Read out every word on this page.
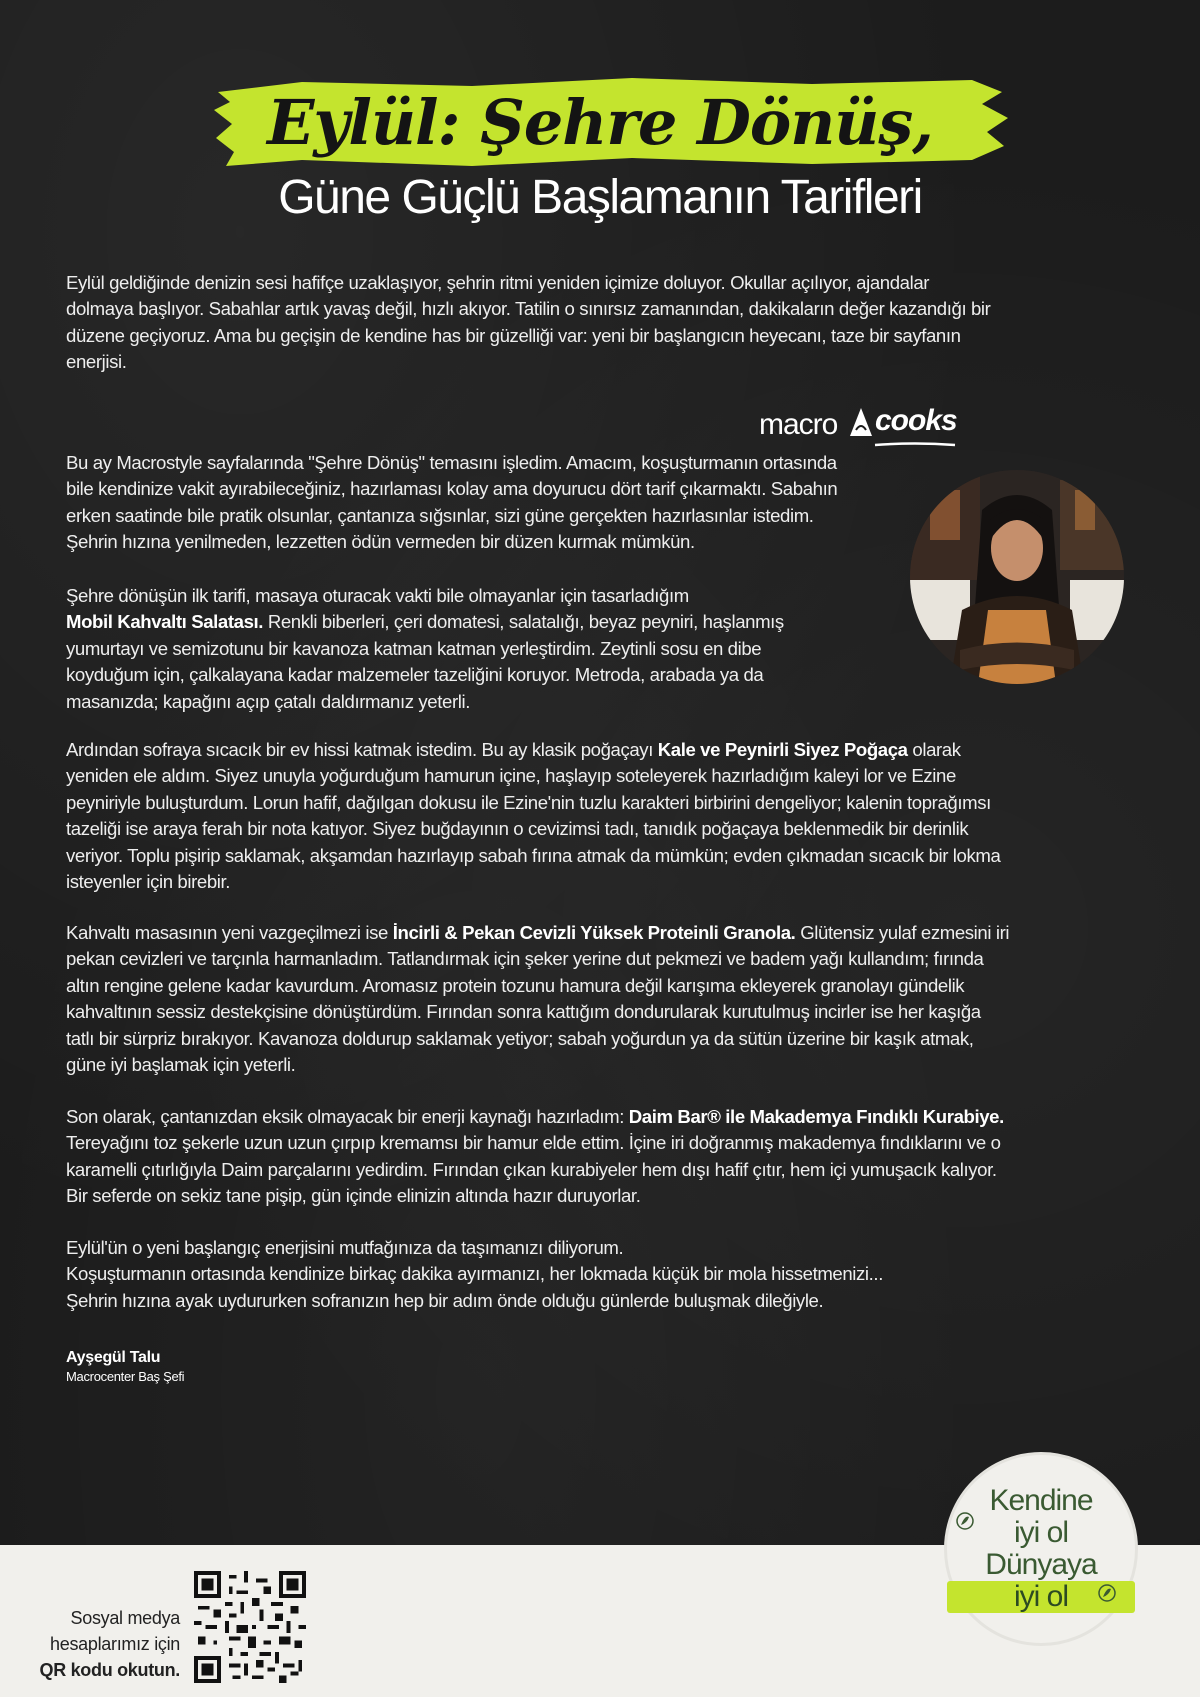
Eylül: Şehre Dönüş,
Güne Güçlü Başlamanın Tarifleri

Eylül geldiğinde denizin sesi hafifçe uzaklaşıyor, şehrin ritmi yeniden içimize doluyor. Okullar açılıyor, ajandalar
dolmaya başlıyor. Sabahlar artık yavaş değil, hızlı akıyor. Tatilin o sınırsız zamanından, dakikaların değer kazandığı bir
düzene geçiyoruz. Ama bu geçişin de kendine has bir güzelliği var: yeni bir başlangıcın heyecanı, taze bir sayfanın
enerjisi.

macro cooks

Bu ay Macrostyle sayfalarında "Şehre Dönüş" temasını işledim. Amacım, koşuşturmanın ortasında
bile kendinize vakit ayırabileceğiniz, hazırlaması kolay ama doyurucu dört tarif çıkarmaktı. Sabahın
erken saatinde bile pratik olsunlar, çantanıza sığsınlar, sizi güne gerçekten hazırlasınlar istedim.
Şehrin hızına yenilmeden, lezzetten ödün vermeden bir düzen kurmak mümkün.

Şehre dönüşün ilk tarifi, masaya oturacak vakti bile olmayanlar için tasarladığım
Mobil Kahvaltı Salatası. Renkli biberleri, çeri domatesi, salatalığı, beyaz peyniri, haşlanmış
yumurtayı ve semizotunu bir kavanoza katman katman yerleştirdim. Zeytinli sosu en dibe
koyduğum için, çalkalayana kadar malzemeler tazeliğini koruyor. Metroda, arabada ya da
masanızda; kapağını açıp çatalı daldırmanız yeterli.

Ardından sofraya sıcacık bir ev hissi katmak istedim. Bu ay klasik poğaçayı Kale ve Peynirli Siyez Poğaça olarak
yeniden ele aldım. Siyez unuyla yoğurduğum hamurun içine, haşlayıp soteleyerek hazırladığım kaleyi lor ve Ezine
peyniriyle buluşturdum. Lorun hafif, dağılgan dokusu ile Ezine'nin tuzlu karakteri birbirini dengeliyor; kalenin toprağımsı
tazeliği ise araya ferah bir nota katıyor. Siyez buğdayının o cevizimsi tadı, tanıdık poğaçaya beklenmedik bir derinlik
veriyor. Toplu pişirip saklamak, akşamdan hazırlayıp sabah fırına atmak da mümkün; evden çıkmadan sıcacık bir lokma
isteyenler için birebir.

Kahvaltı masasının yeni vazgeçilmezi ise İncirli & Pekan Cevizli Yüksek Proteinli Granola. Glütensiz yulaf ezmesini iri
pekan cevizleri ve tarçınla harmanladım. Tatlandırmak için şeker yerine dut pekmezi ve badem yağı kullandım; fırında
altın rengine gelene kadar kavurdum. Aromasız protein tozunu hamura değil karışıma ekleyerek granolayı gündelik
kahvaltının sessiz destekçisine dönüştürdüm. Fırından sonra kattığım dondurularak kurutulmuş incirler ise her kaşığa
tatlı bir sürpriz bırakıyor. Kavanoza doldurup saklamak yetiyor; sabah yoğurdun ya da sütün üzerine bir kaşık atmak,
güne iyi başlamak için yeterli.

Son olarak, çantanızdan eksik olmayacak bir enerji kaynağı hazırladım: Daim Bar® ile Makademya Fındıklı Kurabiye.
Tereyağını toz şekerle uzun uzun çırpıp kremamsı bir hamur elde ettim. İçine iri doğranmış makademya fındıklarını ve o
karamelli çıtırlığıyla Daim parçalarını yedirdim. Fırından çıkan kurabiyeler hem dışı hafif çıtır, hem içi yumuşacık kalıyor.
Bir seferde on sekiz tane pişip, gün içinde elinizin altında hazır duruyorlar.

Eylül'ün o yeni başlangıç enerjisini mutfağınıza da taşımanızı diliyorum.
Koşuşturmanın ortasında kendinize birkaç dakika ayırmanızı, her lokmada küçük bir mola hissetmenizi...
Şehrin hızına ayak uydururken sofranızın hep bir adım önde olduğu günlerde buluşmak dileğiyle.

Ayşegül Talu
Macrocenter Baş Şefi
Sosyal medya
hesaplarımız için
QR kodu okutun.
Kendine
iyi ol
Dünyaya
iyi ol
